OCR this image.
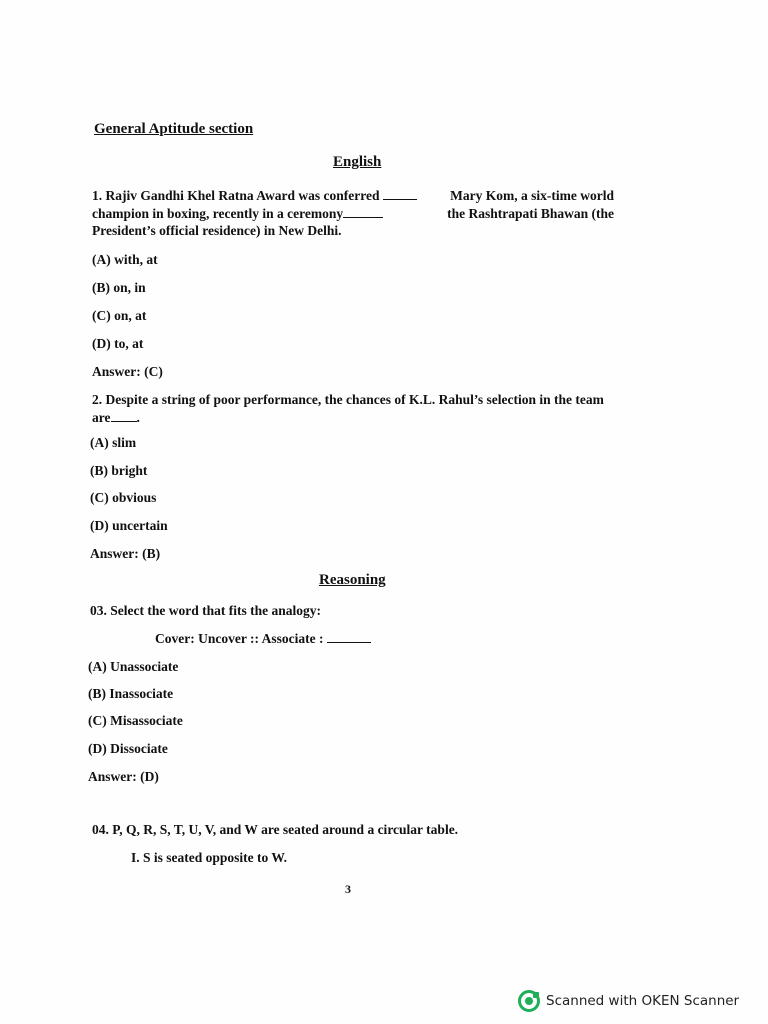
General Aptitude section
English
1. Rajiv Gandhi Khel Ratna Award was conferred	Mary Kom, a six-time world
champion in boxing, recently in a ceremony	the Rashtrapati Bhawan (the
President’s official residence) in New Delhi.
(A) with, at
(B) on, in
(C) on, at
(D) to, at
Answer: (C)
2. Despite a string of poor performance, the chances of K.L. Rahul’s selection in the team
are .
(A) slim
(B) bright
(C) obvious
(D) uncertain
Answer: (B)
Reasoning
03. Select the word that fits the analogy:
Cover: Uncover :: Associate :
(A) Unassociate
(B) Inassociate
(C) Misassociate
(D) Dissociate
Answer: (D)
04. P, Q, R, S, T, U, V, and W are seated around a circular table.
I. S is seated opposite to W.
3
Scanned with OKEN Scanner
